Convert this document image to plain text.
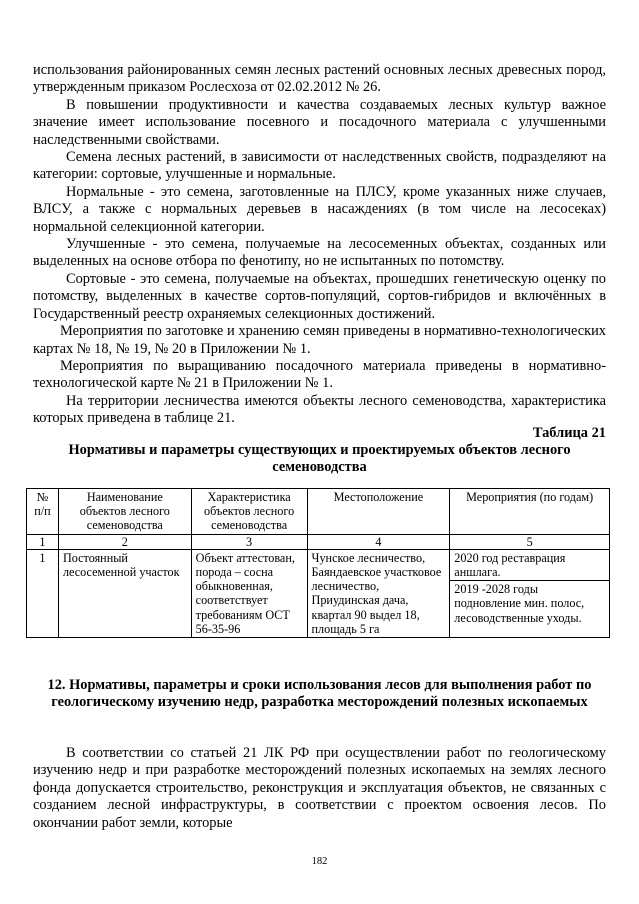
использования районированных семян лесных растений основных лесных древесных пород, утвержденным приказом Рослесхоза от 02.02.2012 № 26.

В повышении продуктивности и качества создаваемых лесных культур важное значение имеет использование посевного и посадочного материала с улучшенными наследственными свойствами.

Семена лесных растений, в зависимости от наследственных свойств, подразделяют на категории: сортовые, улучшенные и нормальные.

Нормальные - это семена, заготовленные на ПЛСУ, кроме указанных ниже случаев, ВЛСУ, а также с нормальных деревьев в насаждениях (в том числе на лесосеках) нормальной селекционной категории.

Улучшенные - это семена, получаемые на лесосеменных объектах, созданных или выделенных на основе отбора по фенотипу, но не испытанных по потомству.

Сортовые - это семена, получаемые на объектах, прошедших генетическую оценку по потомству, выделенных в качестве сортов-популяций, сортов-гибридов и включённых в Государственный реестр охраняемых селекционных достижений.

Мероприятия по заготовке и хранению семян приведены в нормативно-технологических картах № 18, № 19, № 20 в Приложении № 1.

Мероприятия по выращиванию посадочного материала приведены в нормативно-технологической карте № 21 в Приложении № 1.

На территории лесничества имеются объекты лесного семеноводства, характеристика которых приведена в таблице 21.

Таблица 21
Нормативы и параметры существующих и проектируемых объектов лесного семеноводства
№ п/п	Наименование объектов лесного семеноводства	Характеристика объектов лесного семеноводства	Местоположение	Мероприятия (по годам)
1	2	3	4	5
1	Постоянный лесосеменной участок	Объект аттестован, порода – сосна обыкновенная, соответствует требованиям ОСТ 56-35-96	Чунское лесничество, Баяндаевское участковое лесничество, Приудинская дача, квартал 90 выдел 18, площадь 5 га	2020 год реставрация аншлага.
2019 -2028 годы подновление мин. полос, лесоводственные уходы.
12. Нормативы, параметры и сроки использования лесов для выполнения работ по геологическому изучению недр, разработка месторождений полезных ископаемых

В соответствии со статьей 21 ЛК РФ при осуществлении работ по геологическому изучению недр и при разработке месторождений полезных ископаемых на землях лесного фонда допускается строительство, реконструкция и эксплуатация объектов, не связанных с созданием лесной инфраструктуры, в соответствии с проектом освоения лесов. По окончании работ земли, которые

182
